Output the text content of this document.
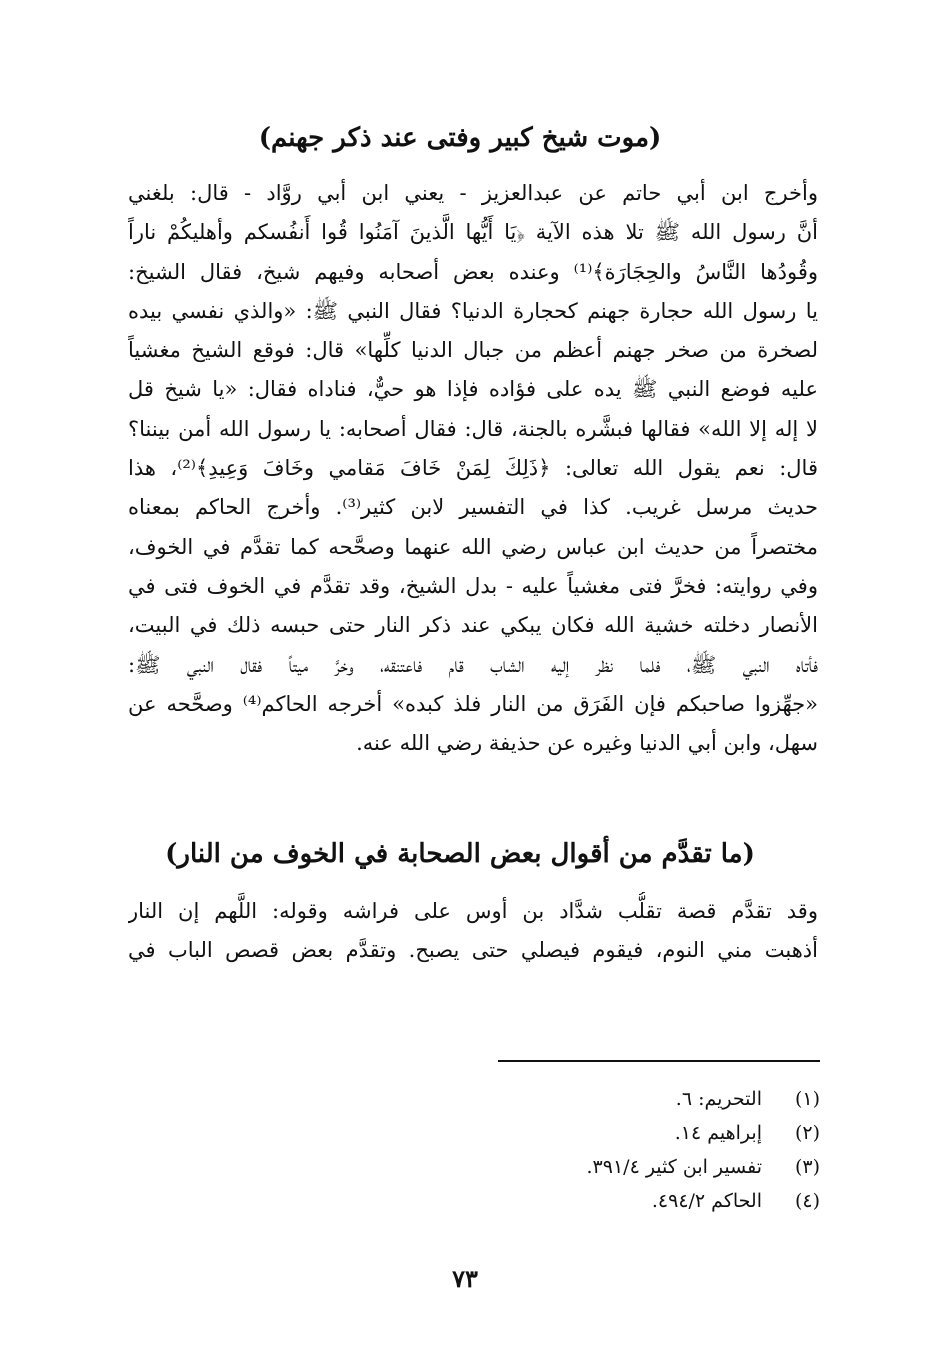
(موت شيخ كبير وفتى عند ذكر جهنم)

وأخرج ابن أبي حاتم عن عبدالعزيز - يعني ابن أبي روَّاد - قال: بلغني
أنَّ رسول الله ﷺ تلا هذه الآية ﴿يَا أَيُّها الَّذينَ آمَنُوا قُوا أَنفُسكم وأهليكُمْ ناراً
وقُودُها النَّاسُ والحِجَارَة﴾⁽¹⁾ وعنده بعض أصحابه وفيهم شيخ، فقال الشيخ:
يا رسول الله حجارة جهنم كحجارة الدنيا؟ فقال النبي ﷺ: «والذي نفسي بيده
لصخرة من صخر جهنم أعظم من جبال الدنيا كلِّها» قال: فوقع الشيخ مغشياً
عليه فوضع النبي ﷺ يده على فؤاده فإذا هو حيٌّ، فناداه فقال: «يا شيخ قل
لا إله إلا الله» فقالها فبشَّره بالجنة، قال: فقال أصحابه: يا رسول الله أمن بيننا؟
قال: نعم يقول الله تعالى: ﴿ذَلِكَ لِمَنْ خَافَ مَقامي وخَافَ وَعِيدِ﴾⁽²⁾، هذا
حديث مرسل غريب. كذا في التفسير لابن كثير⁽³⁾. وأخرج الحاكم بمعناه
مختصراً من حديث ابن عباس رضي الله عنهما وصحَّحه كما تقدَّم في الخوف،
وفي روايته: فخرَّ فتى مغشياً عليه - بدل الشيخ، وقد تقدَّم في الخوف فتى في
الأنصار دخلته خشية الله فكان يبكي عند ذكر النار حتى حبسه ذلك في البيت،
فأتاه النبي ﷺ، فلما نظر إليه الشاب قام فاعتنقه، وخرَّ ميتاً فقال النبي ﷺ:
«جهِّزوا صاحبكم فإن الفَرَق من النار فلذ كبده» أخرجه الحاكم⁽⁴⁾ وصحَّحه عن
سهل، وابن أبي الدنيا وغيره عن حذيفة رضي الله عنه.

(ما تقدَّم من أقوال بعض الصحابة في الخوف من النار)

وقد تقدَّم قصة تقلُّب شدَّاد بن أوس على فراشه وقوله: اللَّهم إن النار
أذهبت مني النوم، فيقوم فيصلي حتى يصبح. وتقدَّم بعض قصص الباب في

(١)
التحريم: ٦.
(٢)
إبراهيم ١٤.
(٣)
تفسير ابن كثير ٣٩١/٤.
(٤)
الحاكم ٤٩٤/٢.
٧٣
